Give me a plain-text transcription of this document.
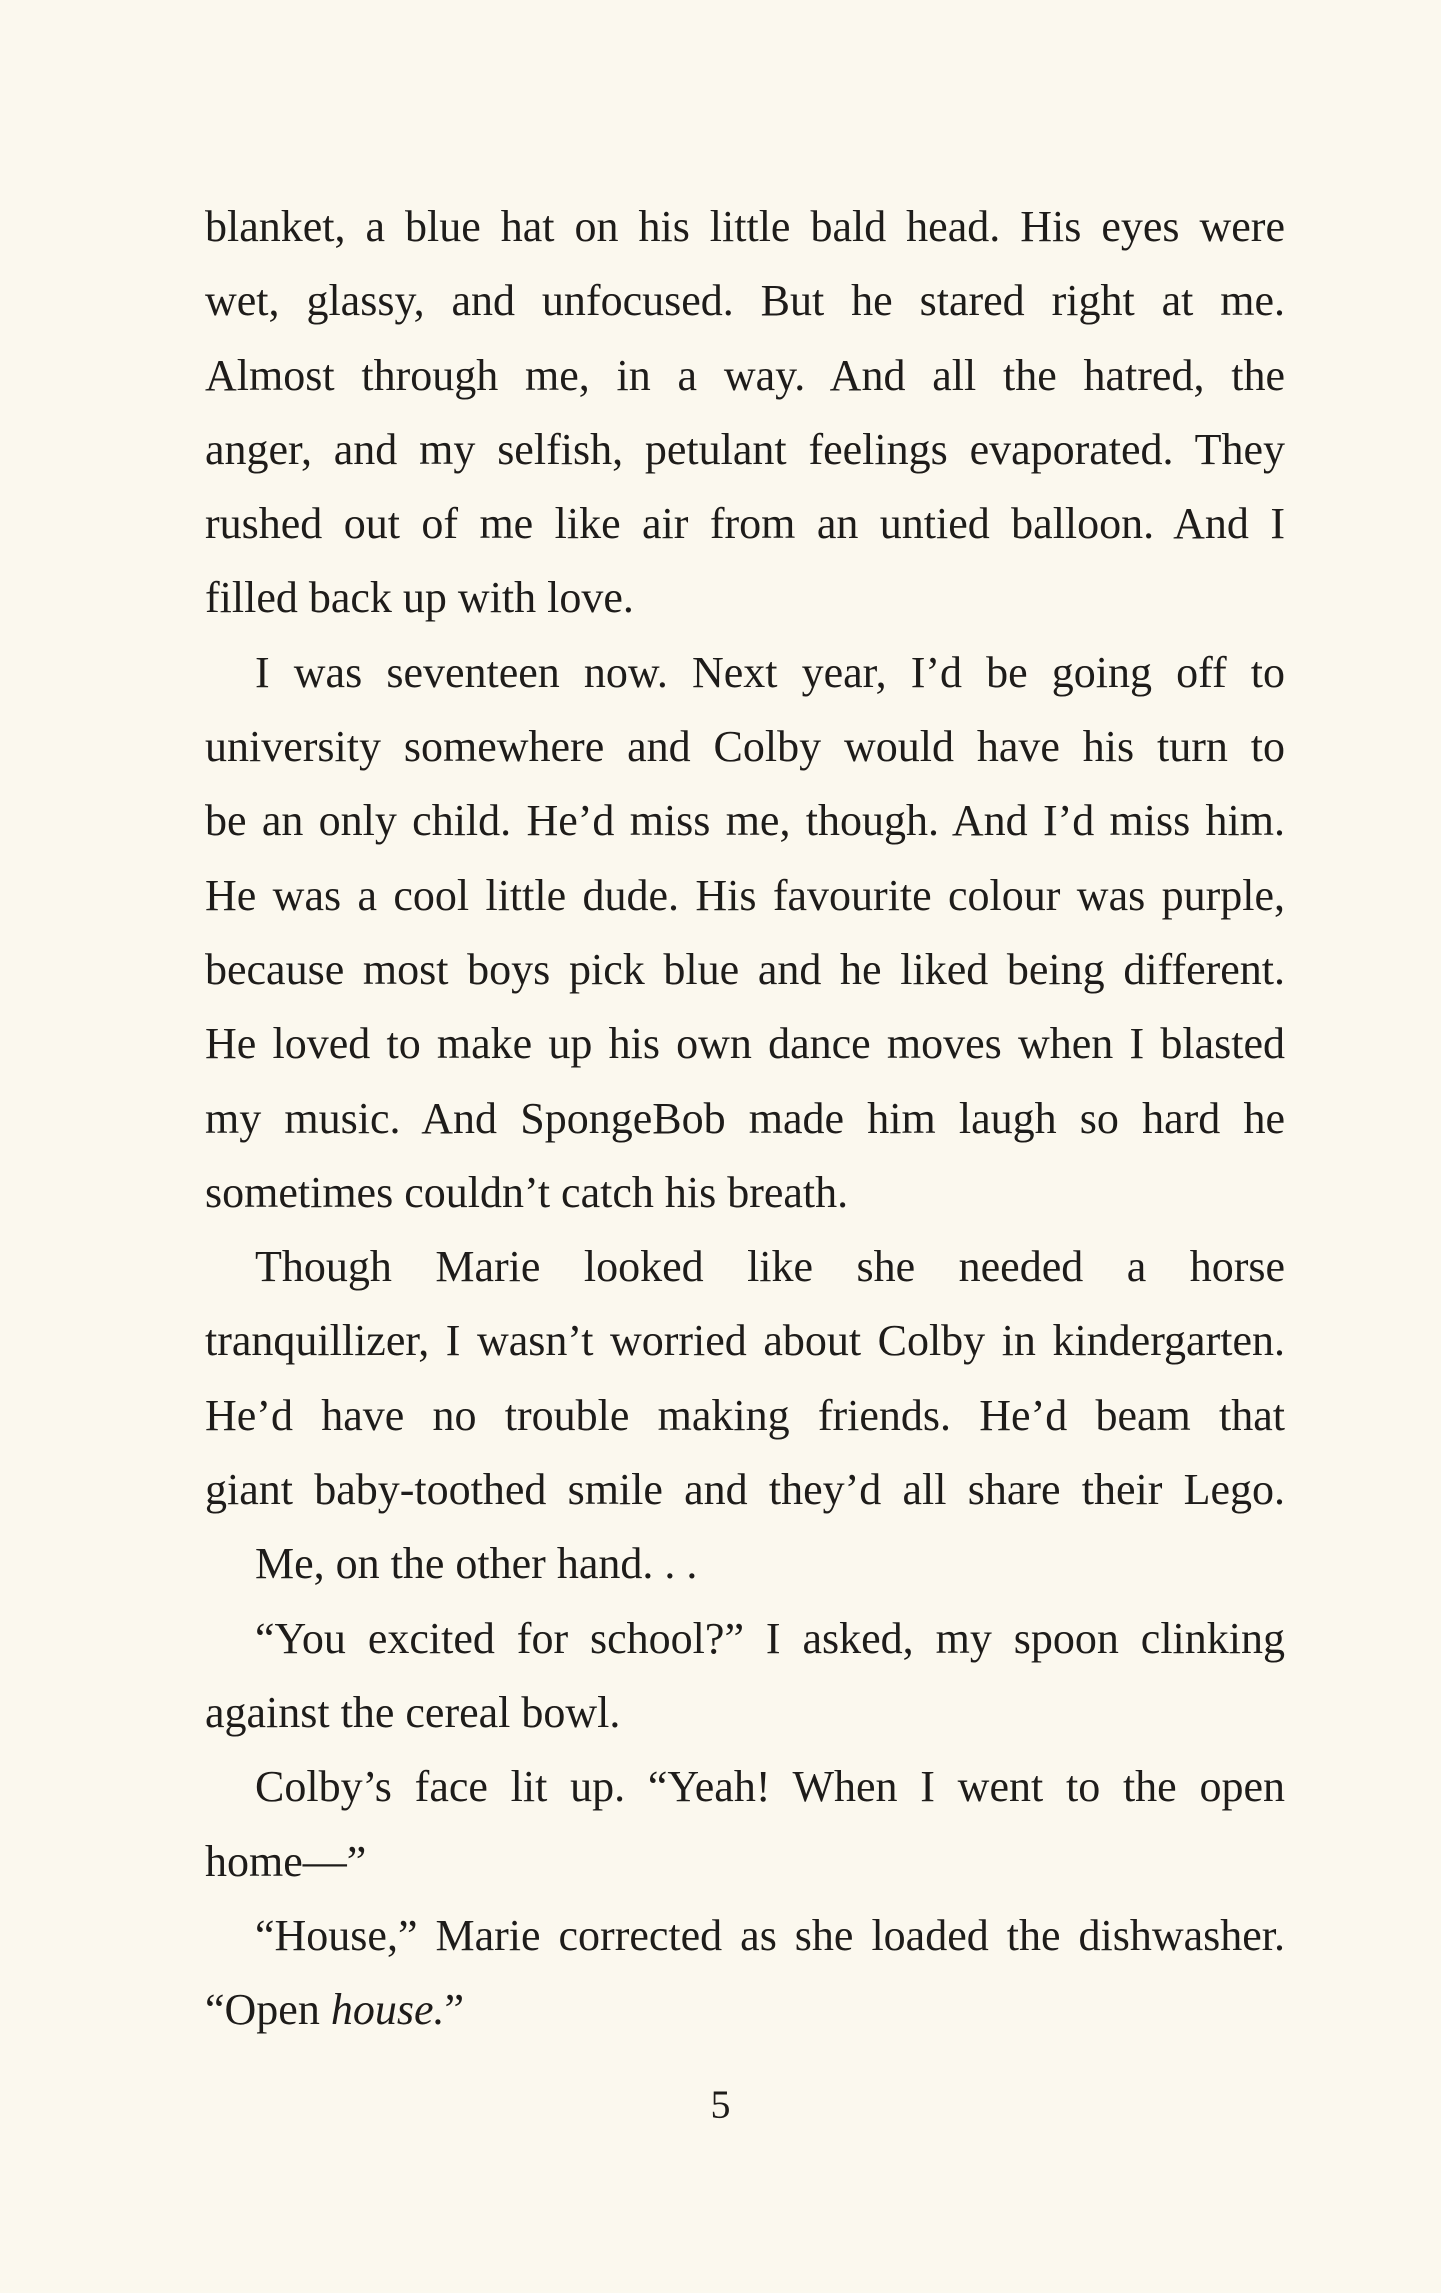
blanket, a blue hat on his little bald head. His eyes were
wet, glassy, and unfocused. But he stared right at me.
Almost through me, in a way. And all the hatred, the
anger, and my selfish, petulant feelings evaporated. They
rushed out of me like air from an untied balloon. And I
filled back up with love.
I was seventeen now. Next year, I’d be going off to
university somewhere and Colby would have his turn to
be an only child. He’d miss me, though. And I’d miss him.
He was a cool little dude. His favourite colour was purple,
because most boys pick blue and he liked being different.
He loved to make up his own dance moves when I blasted
my music. And SpongeBob made him laugh so hard he
sometimes couldn’t catch his breath.
Though Marie looked like she needed a horse
tranquillizer, I wasn’t worried about Colby in kindergarten.
He’d have no trouble making friends. He’d beam that
giant baby-toothed smile and they’d all share their Lego.
Me, on the other hand. . .
“You excited for school?” I asked, my spoon clinking
against the cereal bowl.
Colby’s face lit up. “Yeah! When I went to the open
home—”
“House,” Marie corrected as she loaded the dishwasher.
“Open house.”
5
